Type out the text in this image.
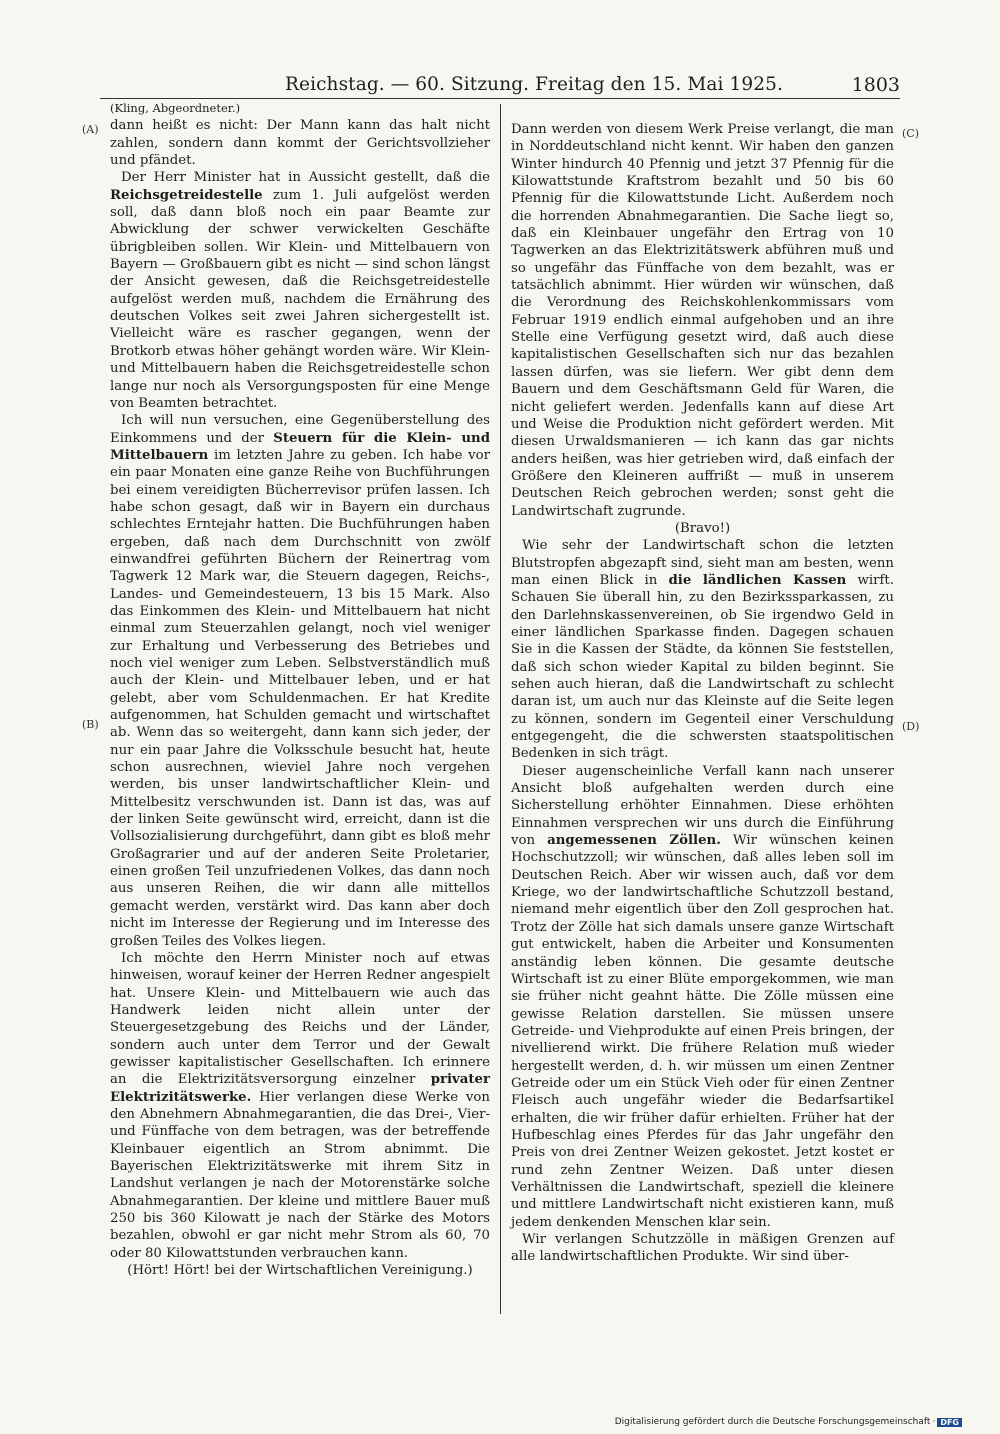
Reichstag. — 60. Sitzung. Freitag den 15. Mai 1925.	1803
(A)
(B)
(C)
(D)

(Kling, Abgeordneter.)

dann heißt es nicht: Der Mann kann das halt nicht zahlen, sondern dann kommt der Gerichtsvollzieher und pfändet.

Der Herr Minister hat in Aussicht gestellt, daß die Reichsgetreidestelle zum 1. Juli aufgelöst werden soll, daß dann bloß noch ein paar Beamte zur Abwicklung der schwer verwickelten Geschäfte übrigbleiben sollen. Wir Klein- und Mittelbauern von Bayern — Großbauern gibt es nicht — sind schon längst der Ansicht gewesen, daß die Reichsgetreidestelle aufgelöst werden muß, nachdem die Ernährung des deutschen Volkes seit zwei Jahren sichergestellt ist. Vielleicht wäre es rascher gegangen, wenn der Brotkorb etwas höher gehängt worden wäre. Wir Klein- und Mittelbauern haben die Reichsgetreidestelle schon lange nur noch als Versorgungsposten für eine Menge von Beamten betrachtet.

Ich will nun versuchen, eine Gegenüberstellung des Einkommens und der Steuern für die Klein- und Mittelbauern im letzten Jahre zu geben. Ich habe vor ein paar Monaten eine ganze Reihe von Buchführungen bei einem vereidigten Bücherrevisor prüfen lassen. Ich habe schon gesagt, daß wir in Bayern ein durchaus schlechtes Erntejahr hatten. Die Buchführungen haben ergeben, daß nach dem Durchschnitt von zwölf einwandfrei geführten Büchern der Reinertrag vom Tagwerk 12 Mark war, die Steuern dagegen, Reichs-, Landes- und Gemeindesteuern, 13 bis 15 Mark. Also das Einkommen des Klein- und Mittelbauern hat nicht einmal zum Steuerzahlen gelangt, noch viel weniger zur Erhaltung und Verbesserung des Betriebes und noch viel weniger zum Leben. Selbstverständlich muß auch der Klein- und Mittelbauer leben, und er hat gelebt, aber vom Schuldenmachen. Er hat Kredite aufgenommen, hat Schulden gemacht und wirtschaftet ab. Wenn das so weitergeht, dann kann sich jeder, der nur ein paar Jahre die Volksschule besucht hat, heute schon ausrechnen, wieviel Jahre noch vergehen werden, bis unser landwirtschaftlicher Klein- und Mittelbesitz verschwunden ist. Dann ist das, was auf der linken Seite gewünscht wird, erreicht, dann ist die Vollsozialisierung durchgeführt, dann gibt es bloß mehr Großagrarier und auf der anderen Seite Proletarier, einen großen Teil unzufriedenen Volkes, das dann noch aus unseren Reihen, die wir dann alle mittellos gemacht werden, verstärkt wird. Das kann aber doch nicht im Interesse der Regierung und im Interesse des großen Teiles des Volkes liegen.

Ich möchte den Herrn Minister noch auf etwas hinweisen, worauf keiner der Herren Redner angespielt hat. Unsere Klein- und Mittelbauern wie auch das Handwerk leiden nicht allein unter der Steuergesetzgebung des Reichs und der Länder, sondern auch unter dem Terror und der Gewalt gewisser kapitalistischer Gesellschaften. Ich erinnere an die Elektrizitätsversorgung einzelner privater Elektrizitätswerke. Hier verlangen diese Werke von den Abnehmern Abnahmegarantien, die das Drei-, Vier- und Fünffache von dem betragen, was der betreffende Kleinbauer eigentlich an Strom abnimmt. Die Bayerischen Elektrizitätswerke mit ihrem Sitz in Landshut verlangen je nach der Motorenstärke solche Abnahmegarantien. Der kleine und mittlere Bauer muß 250 bis 360 Kilowatt je nach der Stärke des Motors bezahlen, obwohl er gar nicht mehr Strom als 60, 70 oder 80 Kilowattstunden verbrauchen kann.

(Hört! Hört! bei der Wirtschaftlichen Vereinigung.)

Dann werden von diesem Werk Preise verlangt, die man in Norddeutschland nicht kennt. Wir haben den ganzen Winter hindurch 40 Pfennig und jetzt 37 Pfennig für die Kilowattstunde Kraftstrom bezahlt und 50 bis 60 Pfennig für die Kilowattstunde Licht. Außerdem noch die horrenden Abnahmegarantien. Die Sache liegt so, daß ein Kleinbauer ungefähr den Ertrag von 10 Tagwerken an das Elektrizitätswerk abführen muß und so ungefähr das Fünffache von dem bezahlt, was er tatsächlich abnimmt. Hier würden wir wünschen, daß die Verordnung des Reichskohlenkommissars vom Februar 1919 endlich einmal aufgehoben und an ihre Stelle eine Verfügung gesetzt wird, daß auch diese kapitalistischen Gesellschaften sich nur das bezahlen lassen dürfen, was sie liefern. Wer gibt denn dem Bauern und dem Geschäftsmann Geld für Waren, die nicht geliefert werden. Jedenfalls kann auf diese Art und Weise die Produktion nicht gefördert werden. Mit diesen Urwaldsmanieren — ich kann das gar nichts anders heißen, was hier getrieben wird, daß einfach der Größere den Kleineren auffrißt — muß in unserem Deutschen Reich gebrochen werden; sonst geht die Landwirtschaft zugrunde.

(Bravo!)

Wie sehr der Landwirtschaft schon die letzten Blutstropfen abgezapft sind, sieht man am besten, wenn man einen Blick in die ländlichen Kassen wirft. Schauen Sie überall hin, zu den Bezirkssparkassen, zu den Darlehnskassenvereinen, ob Sie irgendwo Geld in einer ländlichen Sparkasse finden. Dagegen schauen Sie in die Kassen der Städte, da können Sie feststellen, daß sich schon wieder Kapital zu bilden beginnt. Sie sehen auch hieran, daß die Landwirtschaft zu schlecht daran ist, um auch nur das Kleinste auf die Seite legen zu können, sondern im Gegenteil einer Verschuldung entgegengeht, die die schwersten staatspolitischen Bedenken in sich trägt.

Dieser augenscheinliche Verfall kann nach unserer Ansicht bloß aufgehalten werden durch eine Sicherstellung erhöhter Einnahmen. Diese erhöhten Einnahmen versprechen wir uns durch die Einführung von angemessenen Zöllen. Wir wünschen keinen Hochschutzzoll; wir wünschen, daß alles leben soll im Deutschen Reich. Aber wir wissen auch, daß vor dem Kriege, wo der landwirtschaftliche Schutzzoll bestand, niemand mehr eigentlich über den Zoll gesprochen hat. Trotz der Zölle hat sich damals unsere ganze Wirtschaft gut entwickelt, haben die Arbeiter und Konsumenten anständig leben können. Die gesamte deutsche Wirtschaft ist zu einer Blüte emporgekommen, wie man sie früher nicht geahnt hätte. Die Zölle müssen eine gewisse Relation darstellen. Sie müssen unsere Getreide- und Viehprodukte auf einen Preis bringen, der nivellierend wirkt. Die frühere Relation muß wieder hergestellt werden, d. h. wir müssen um einen Zentner Getreide oder um ein Stück Vieh oder für einen Zentner Fleisch auch ungefähr wieder die Bedarfsartikel erhalten, die wir früher dafür erhielten. Früher hat der Hufbeschlag eines Pferdes für das Jahr ungefähr den Preis von drei Zentner Weizen gekostet. Jetzt kostet er rund zehn Zentner Weizen. Daß unter diesen Verhältnissen die Landwirtschaft, speziell die kleinere und mittlere Landwirtschaft nicht existieren kann, muß jedem denkenden Menschen klar sein.

Wir verlangen Schutzzölle in mäßigen Grenzen auf alle landwirtschaftlichen Produkte. Wir sind über-

Digitalisierung gefördert durch die Deutsche Forschungsgemeinschaft · DFG
